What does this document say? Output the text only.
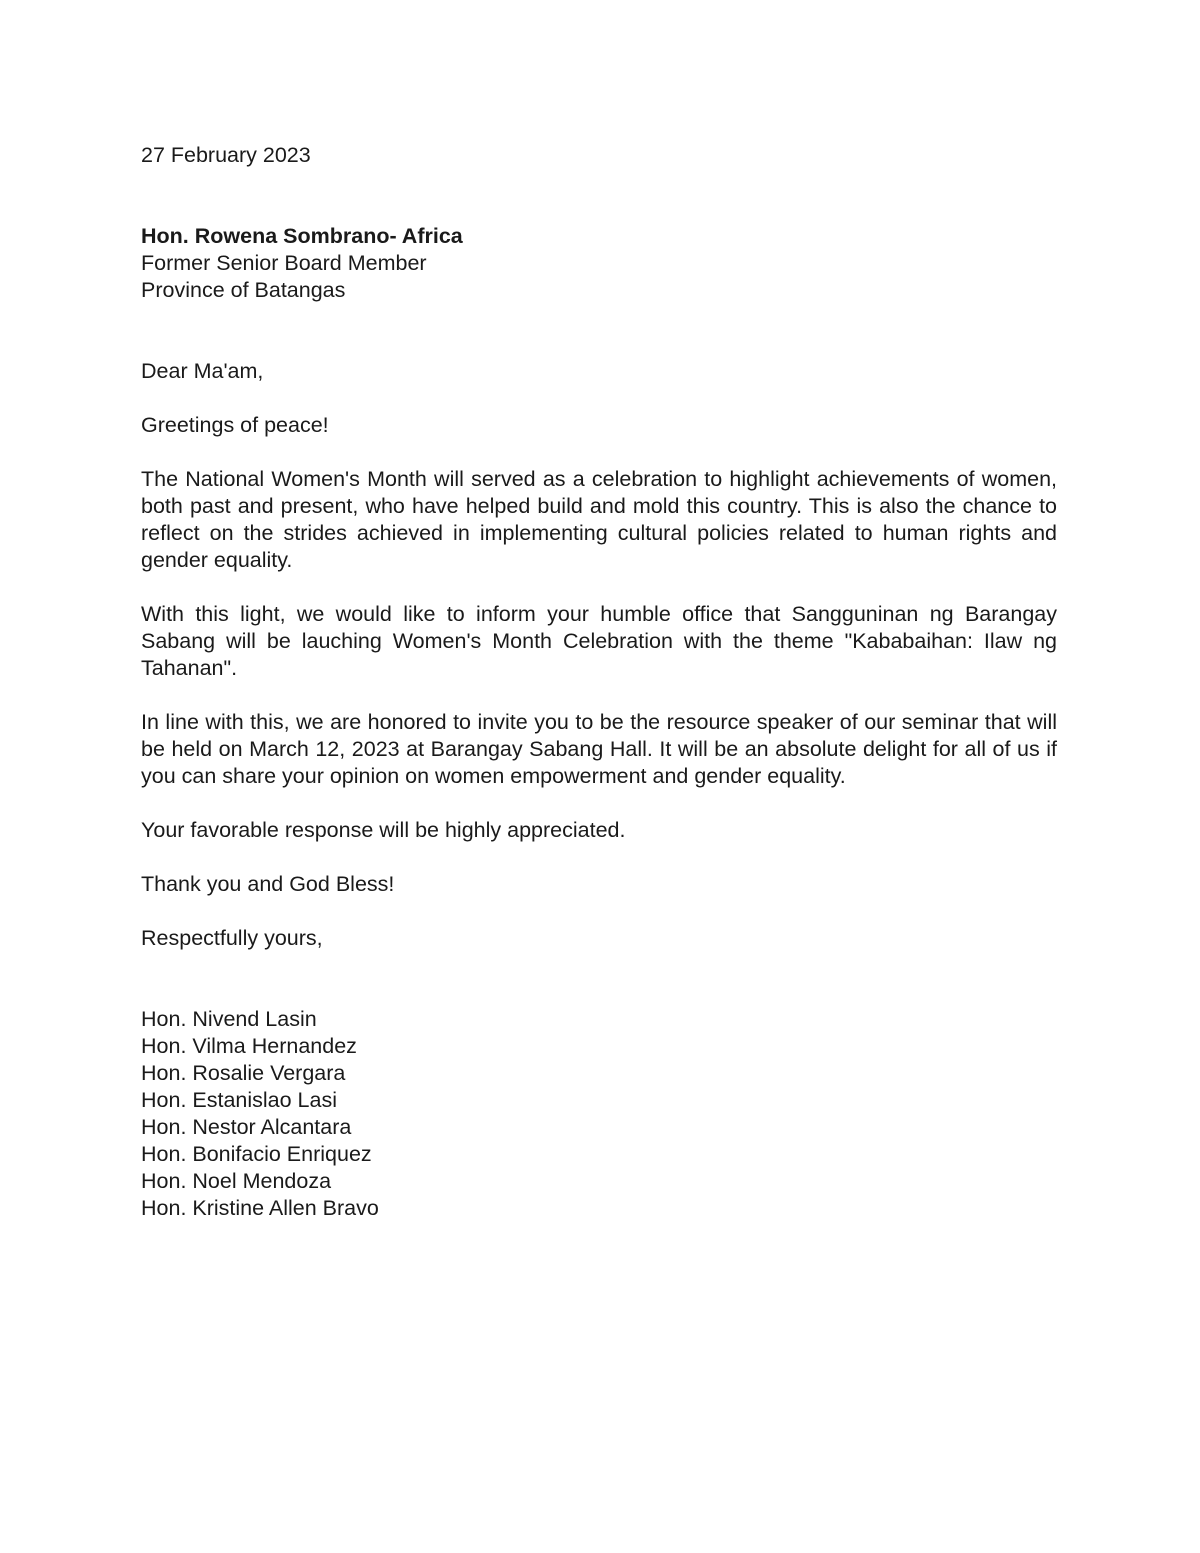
27 February 2023

Hon. Rowena Sombrano- Africa
Former Senior Board Member
Province of Batangas

Dear Ma'am,

Greetings of peace!

The National Women's Month will served as a celebration to highlight achievements of women, both past and present, who have helped build and mold this country. This is also the chance to reflect on the strides achieved in implementing cultural policies related to human rights and gender equality.

With this light, we would like to inform your humble office that Sangguninan ng Barangay Sabang will be lauching Women's Month Celebration with the theme "Kababaihan: Ilaw ng Tahanan".

In line with this, we are honored to invite you to be the resource speaker of our seminar that will be held on March 12, 2023 at Barangay Sabang Hall. It will be an absolute delight for all of us if you can share your opinion on women empowerment and gender equality.

Your favorable response will be highly appreciated.

Thank you and God Bless!

Respectfully yours,

Hon. Nivend Lasin
Hon. Vilma Hernandez
Hon. Rosalie Vergara
Hon. Estanislao Lasi
Hon. Nestor Alcantara
Hon. Bonifacio Enriquez
Hon. Noel Mendoza
Hon. Kristine Allen Bravo
